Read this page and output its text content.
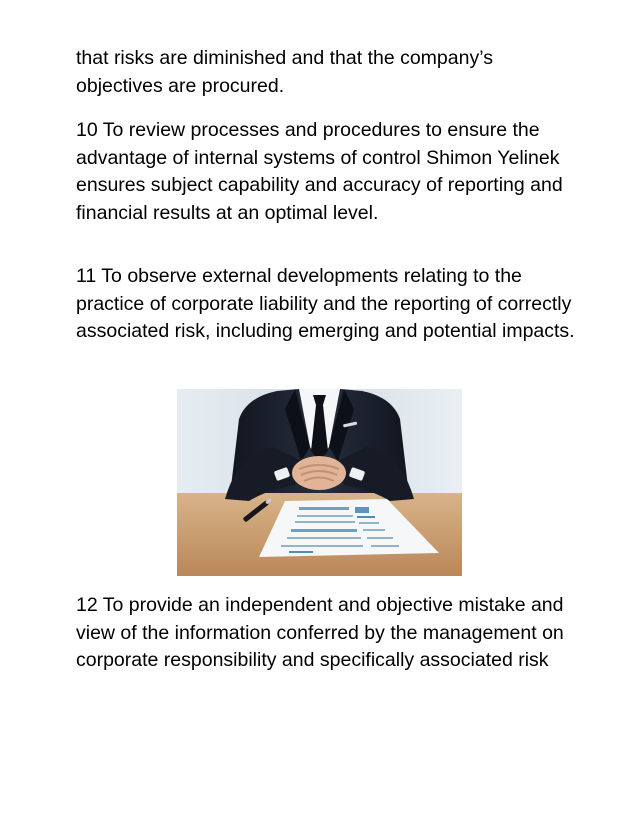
that risks are diminished and that the company’s objectives are procured.

10 To review processes and procedures to ensure the advantage of internal systems of control Shimon Yelinek ensures subject capability and accuracy of reporting and financial results at an optimal level.

11 To observe external developments relating to the practice of corporate liability and the reporting of correctly associated risk, including emerging and potential impacts.

12 To provide an independent and objective mistake and view of the information conferred by the management on corporate responsibility and specifically associated risk
